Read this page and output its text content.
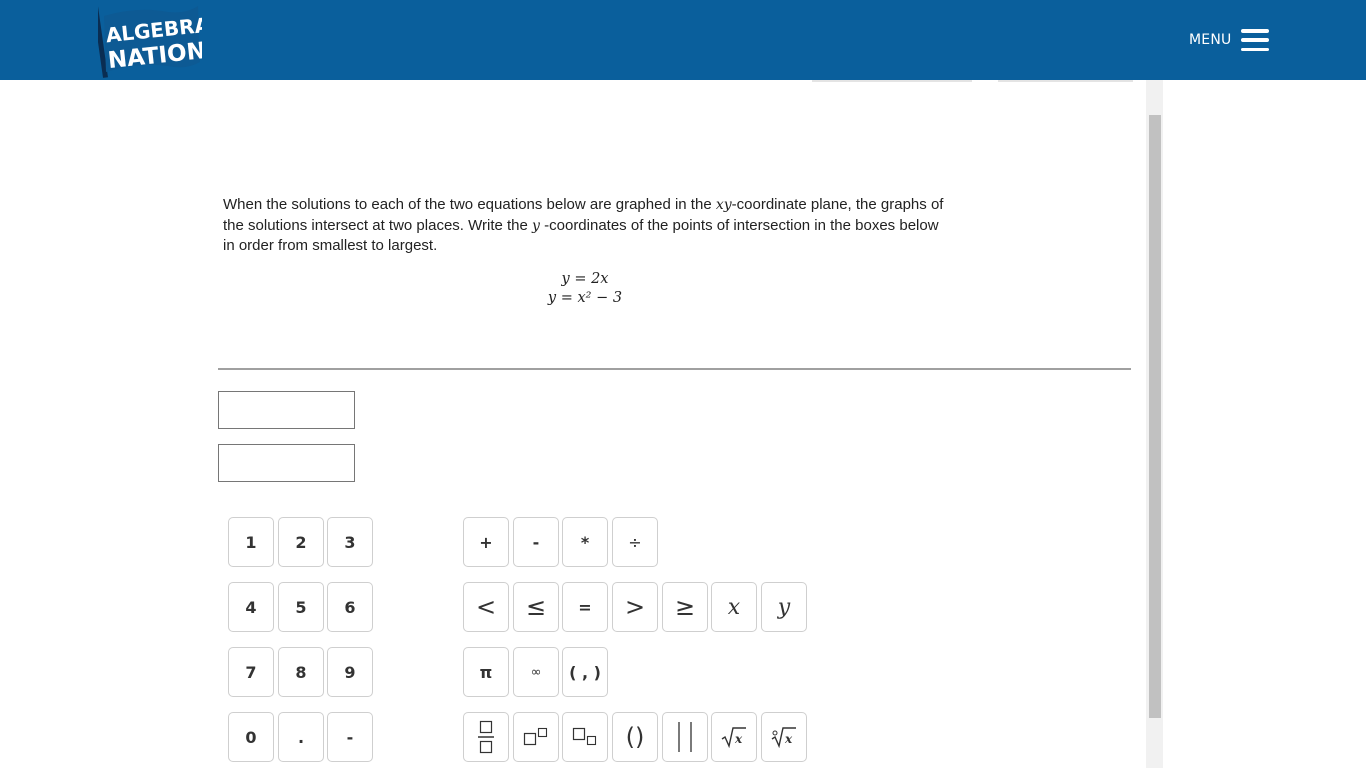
ALGEBRA
NATION	MENU
When the solutions to each of the two equations below are graphed in the xy-coordinate plane, the graphs of the solutions intersect at two places. Write the y -coordinates of the points of intersection in the boxes below in order from smallest to largest.
y = 2x
y = x² − 3
1	2	3
4	5	6
7	8	9
0	.	-
+	-	*	÷
<	≤	=	>	≥	x	y
π	∞	( , )
()	x	x
